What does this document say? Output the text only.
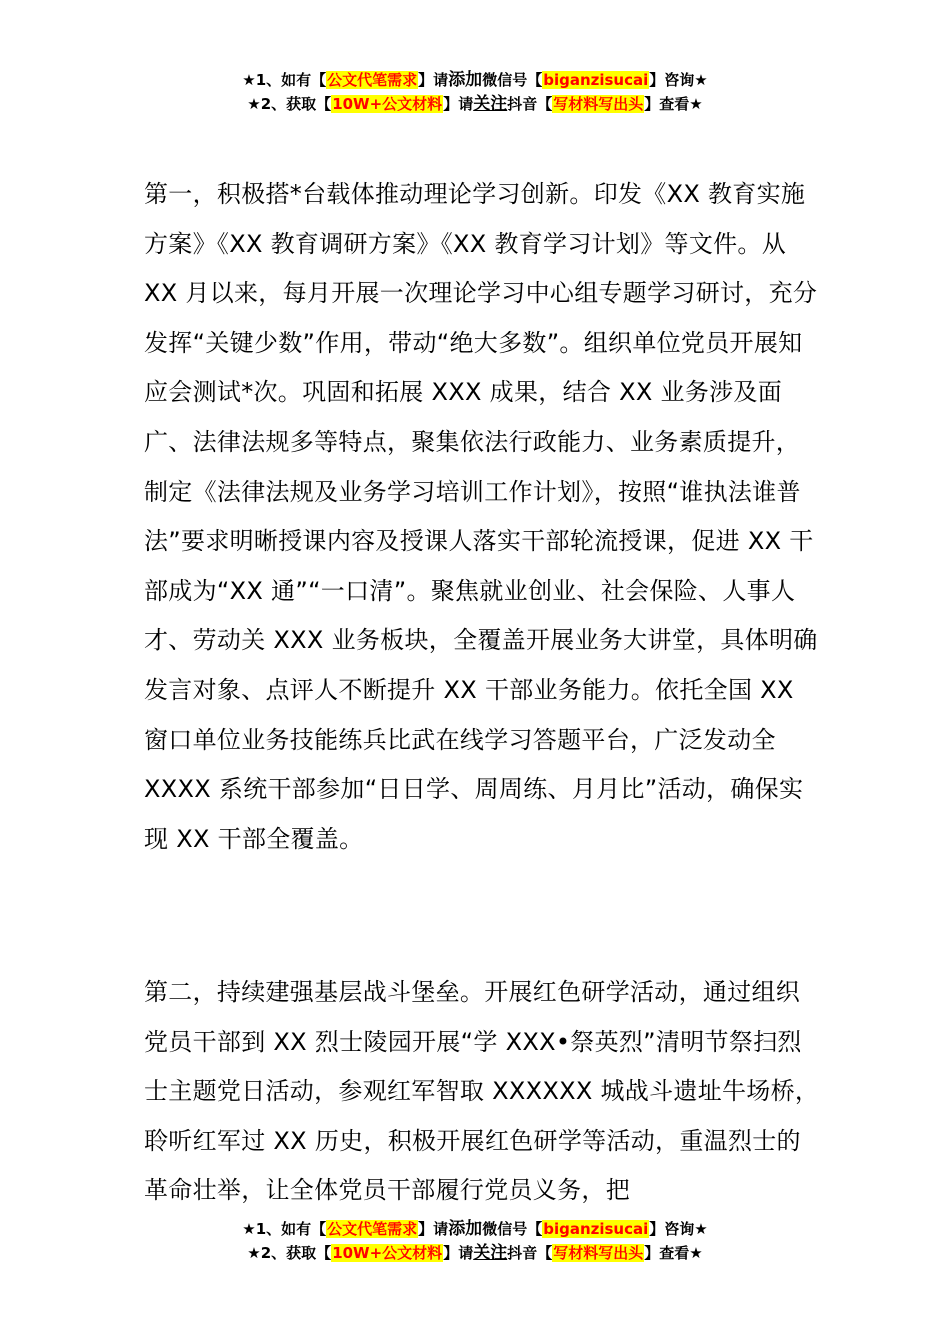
★1、如有【公文代笔需求】请添加微信号【biganzisucai】咨询★
★2、获取【10W+公文材料】请关注抖音【写材料写出头】查看★

第一，积极搭*台载体推动理论学习创新。印发《XX 教育实施方案》《XX 教育调研方案》《XX 教育学习计划》等文件。从 XX 月以来，每月开展一次理论学习中心组专题学习研讨，充分发挥“关键少数”作用，带动“绝大多数”。组织单位党员开展知应会测试*次。巩固和拓展 XXX 成果，结合 XX 业务涉及面广、法律法规多等特点，聚集依法行政能力、业务素质提升，制定《法律法规及业务学习培训工作计划》，按照“谁执法谁普法”要求明晰授课内容及授课人落实干部轮流授课，促进 XX 干部成为“XX 通”“一口清”。聚焦就业创业、社会保险、人事人才、劳动关 XXX 业务板块，全覆盖开展业务大讲堂，具体明确发言对象、点评人不断提升 XX 干部业务能力。依托全国 XX 窗口单位业务技能练兵比武在线学习答题平台，广泛发动全 XXXX 系统干部参加“日日学、周周练、月月比”活动，确保实现 XX 干部全覆盖。

第二，持续建强基层战斗堡垒。开展红色研学活动，通过组织党员干部到 XX 烈士陵园开展“学 XXX•祭英烈”清明节祭扫烈士主题党日活动，参观红军智取 XXXXXX 城战斗遗址牛场桥，聆听红军过 XX 历史，积极开展红色研学等活动，重温烈士的革命壮举，让全体党员干部履行党员义务，把

★1、如有【公文代笔需求】请添加微信号【biganzisucai】咨询★
★2、获取【10W+公文材料】请关注抖音【写材料写出头】查看★
